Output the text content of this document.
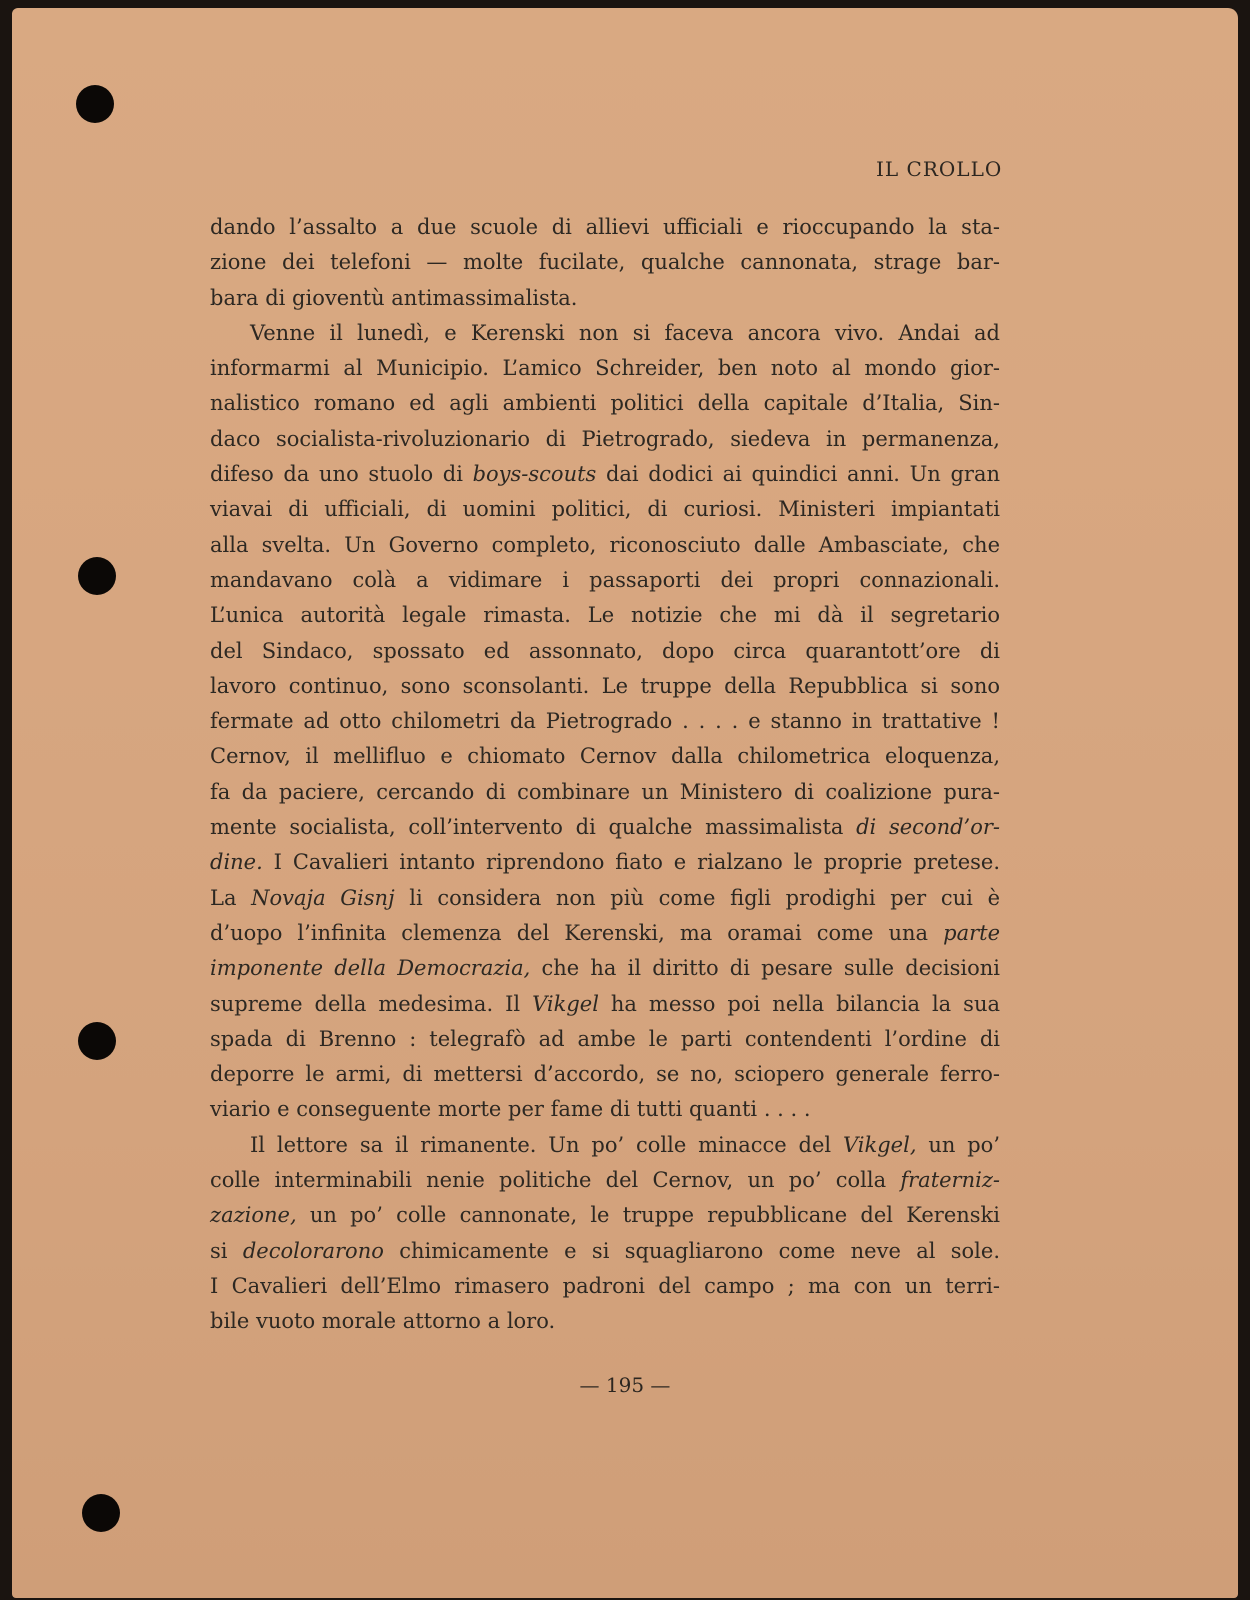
IL CROLLO
dando l’assalto a due scuole di allievi ufficiali e rioccupando la sta-
zione dei telefoni — molte fucilate, qualche cannonata, strage bar-
bara di gioventù antimassimalista.
Venne il lunedì, e Kerenski non si faceva ancora vivo. Andai ad
informarmi al Municipio. L’amico Schreider, ben noto al mondo gior-
nalistico romano ed agli ambienti politici della capitale d’Italia, Sin-
daco socialista-rivoluzionario di Pietrogrado, siedeva in permanenza,
difeso da uno stuolo di boys-scouts dai dodici ai quindici anni. Un gran
viavai di ufficiali, di uomini politici, di curiosi. Ministeri impiantati
alla svelta. Un Governo completo, riconosciuto dalle Ambasciate, che
mandavano colà a vidimare i passaporti dei propri connazionali.
L’unica autorità legale rimasta. Le notizie che mi dà il segretario
del Sindaco, spossato ed assonnato, dopo circa quarantott’ore di
lavoro continuo, sono sconsolanti. Le truppe della Repubblica si sono
fermate ad otto chilometri da Pietrogrado . . . . e stanno in trattative !
Cernov, il mellifluo e chiomato Cernov dalla chilometrica eloquenza,
fa da paciere, cercando di combinare un Ministero di coalizione pura-
mente socialista, coll’intervento di qualche massimalista di second’or-
dine. I Cavalieri intanto riprendono fiato e rialzano le proprie pretese.
La Novaja Gisnj li considera non più come figli prodighi per cui è
d’uopo l’infinita clemenza del Kerenski, ma oramai come una parte
imponente della Democrazia, che ha il diritto di pesare sulle decisioni
supreme della medesima. Il Vikgel ha messo poi nella bilancia la sua
spada di Brenno : telegrafò ad ambe le parti contendenti l’ordine di
deporre le armi, di mettersi d’accordo, se no, sciopero generale ferro-
viario e conseguente morte per fame di tutti quanti . . . .
Il lettore sa il rimanente. Un po’ colle minacce del Vikgel, un po’
colle interminabili nenie politiche del Cernov, un po’ colla fraterniz-
zazione, un po’ colle cannonate, le truppe repubblicane del Kerenski
si decolorarono chimicamente e si squagliarono come neve al sole.
I Cavalieri dell’Elmo rimasero padroni del campo ; ma con un terri-
bile vuoto morale attorno a loro.
— 195 —
